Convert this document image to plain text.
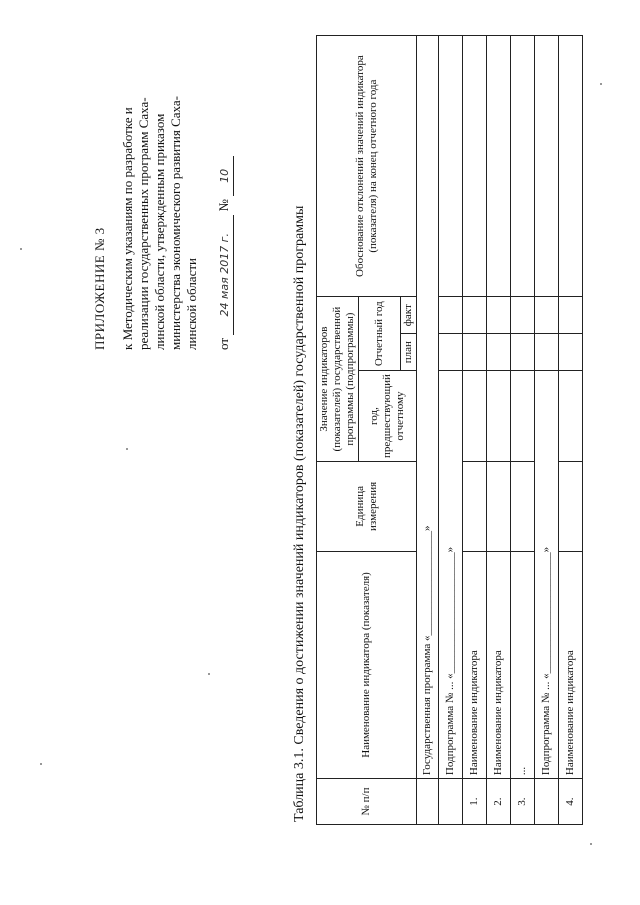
ПРИЛОЖЕНИЕ № 3 к Методическим указаниям по разработке и реализации государственных программ Саха- линской области, утвержденным приказом министерства экономического развития Саха- линской области от 24 мая 2017 г. № 10
Таблица 3.1. Сведения о достижении значений индикаторов (показателей) государственной программы	№ п/п	Наименование индикатора (показателя)	Единица измерения	Значение индикаторов (показателей) государственной программы (подпрограммы)			Обоснование отклонений значений индикатора (показателя) на конец отчетного года
			год, предшествующий отчетному	Отчетный год		
				план	факт	
	Государственная программа «___________________»					
	Подпрограмма № ... «______________________»					
1.	Наименование индикатора					
2.	Наименование индикатора					
3.	...					
	Подпрограмма № ... «______________________»					
4.	Наименование индикатора					
